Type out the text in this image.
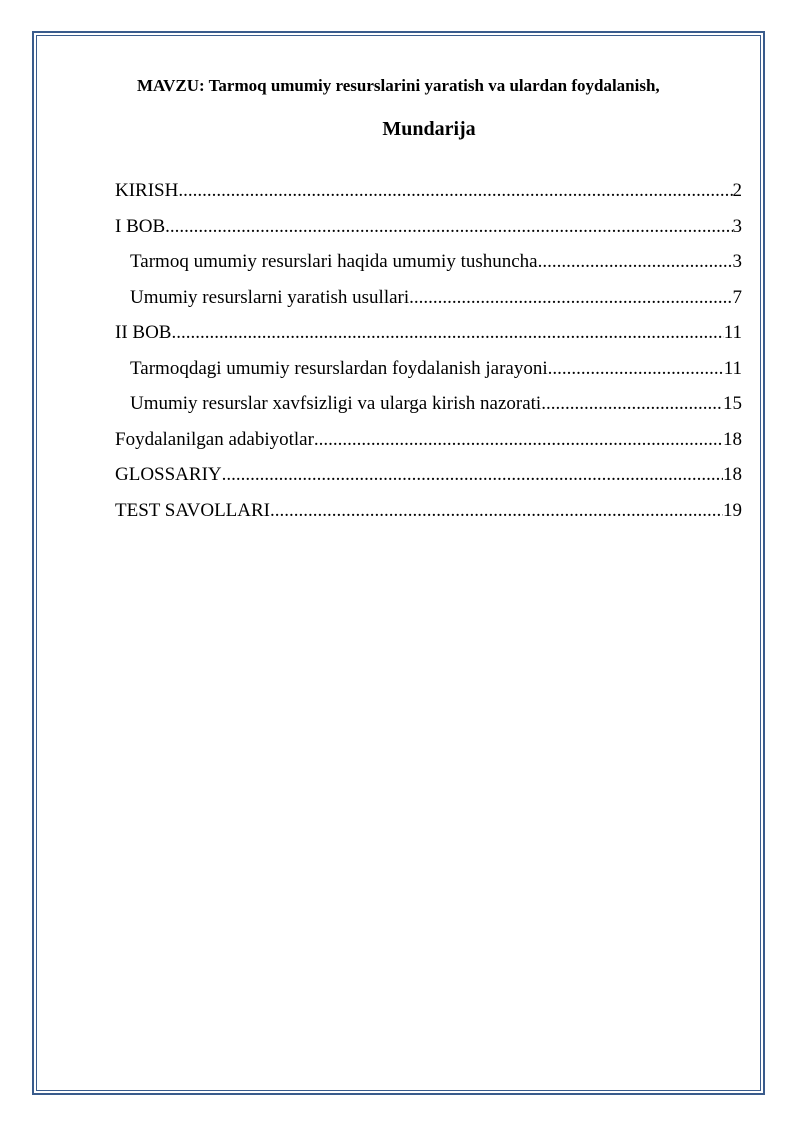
MAVZU: Tarmoq umumiy resurslarini yaratish va ulardan foydalanish,
Mundarija
KIRISH .....	2
I BOB .....	3
Tarmoq umumiy resurslari haqida umumiy tushuncha .....	3
Umumiy resurslarni yaratish usullari .....	7
II BOB .....	11
Tarmoqdagi umumiy resurslardan foydalanish jarayoni .....	11
Umumiy resurslar xavfsizligi va ularga kirish nazorati .....	15
Foydalanilgan adabiyotlar .....	18
GLOSSARIY .....	18
TEST SAVOLLARI .....	19
